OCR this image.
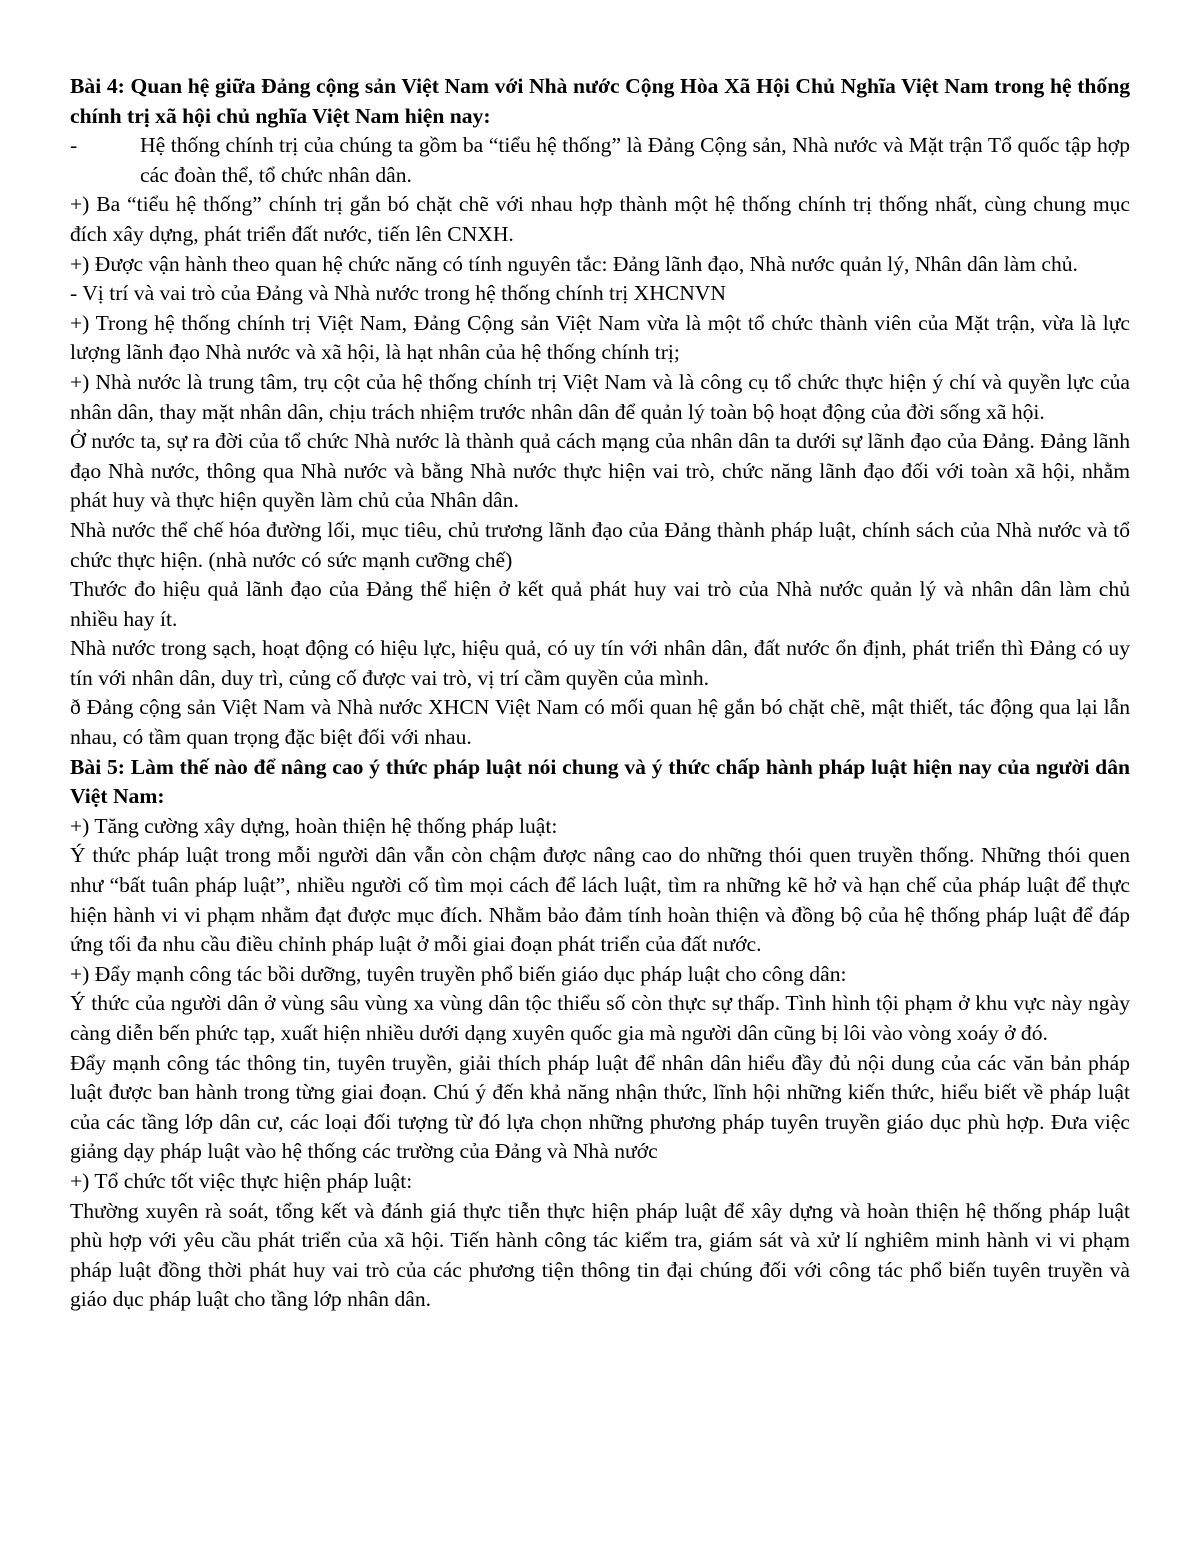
Bài 4: Quan hệ giữa Đảng cộng sản Việt Nam với Nhà nước Cộng Hòa Xã Hội Chủ Nghĩa Việt Nam trong hệ thống chính trị xã hội chủ nghĩa Việt Nam hiện nay:

-	Hệ thống chính trị của chúng ta gồm ba “tiểu hệ thống” là Đảng Cộng sản, Nhà nước và Mặt trận Tổ quốc tập hợp các đoàn thể, tổ chức nhân dân.

+) Ba “tiểu hệ thống” chính trị gắn bó chặt chẽ với nhau hợp thành một hệ thống chính trị thống nhất, cùng chung mục đích xây dựng, phát triển đất nước, tiến lên CNXH.

+) Được vận hành theo quan hệ chức năng có tính nguyên tắc: Đảng lãnh đạo, Nhà nước quản lý, Nhân dân làm chủ.

- Vị trí và vai trò của Đảng và Nhà nước trong hệ thống chính trị XHCNVN

+) Trong hệ thống chính trị Việt Nam, Đảng Cộng sản Việt Nam vừa là một tổ chức thành viên của Mặt trận, vừa là lực lượng lãnh đạo Nhà nước và xã hội, là hạt nhân của hệ thống chính trị;

+) Nhà nước là trung tâm, trụ cột của hệ thống chính trị Việt Nam và là công cụ tổ chức thực hiện ý chí và quyền lực của nhân dân, thay mặt nhân dân, chịu trách nhiệm trước nhân dân để quản lý toàn bộ hoạt động của đời sống xã hội.

Ở nước ta, sự ra đời của tổ chức Nhà nước là thành quả cách mạng của nhân dân ta dưới sự lãnh đạo của Đảng. Đảng lãnh đạo Nhà nước, thông qua Nhà nước và bằng Nhà nước thực hiện vai trò, chức năng lãnh đạo đối với toàn xã hội, nhằm phát huy và thực hiện quyền làm chủ của Nhân dân.

Nhà nước thể chế hóa đường lối, mục tiêu, chủ trương lãnh đạo của Đảng thành pháp luật, chính sách của Nhà nước và tổ chức thực hiện. (nhà nước có sức mạnh cưỡng chế)

Thước đo hiệu quả lãnh đạo của Đảng thể hiện ở kết quả phát huy vai trò của Nhà nước quản lý và nhân dân làm chủ nhiều hay ít.

Nhà nước trong sạch, hoạt động có hiệu lực, hiệu quả, có uy tín với nhân dân, đất nước ổn định, phát triển thì Đảng có uy tín với nhân dân, duy trì, củng cố được vai trò, vị trí cầm quyền của mình.

ð Đảng cộng sản Việt Nam và Nhà nước XHCN Việt Nam có mối quan hệ gắn bó chặt chẽ, mật thiết, tác động qua lại lẫn nhau, có tầm quan trọng đặc biệt đối với nhau.

Bài 5: Làm thế nào để nâng cao ý thức pháp luật nói chung và ý thức chấp hành pháp luật hiện nay của người dân Việt Nam:

+) Tăng cường xây dựng, hoàn thiện hệ thống pháp luật:

Ý thức pháp luật trong mỗi người dân vẫn còn chậm được nâng cao do những thói quen truyền thống. Những thói quen như “bất tuân pháp luật”, nhiều người cố tìm mọi cách để lách luật, tìm ra những kẽ hở và hạn chế của pháp luật để thực hiện hành vi vi phạm nhằm đạt được mục đích. Nhằm bảo đảm tính hoàn thiện và đồng bộ của hệ thống pháp luật để đáp ứng tối đa nhu cầu điều chỉnh pháp luật ở mỗi giai đoạn phát triển của đất nước.

+) Đẩy mạnh công tác bồi dưỡng, tuyên truyền phổ biến giáo dục pháp luật cho công dân:

Ý thức của người dân ở vùng sâu vùng xa vùng dân tộc thiểu số còn thực sự thấp. Tình hình tội phạm ở khu vực này ngày càng diễn bến phức tạp, xuất hiện nhiều dưới dạng xuyên quốc gia mà người dân cũng bị lôi vào vòng xoáy ở đó.

Đẩy mạnh công tác thông tin, tuyên truyền, giải thích pháp luật để nhân dân hiểu đầy đủ nội dung của các văn bản pháp luật được ban hành trong từng giai đoạn. Chú ý đến khả năng nhận thức, lĩnh hội những kiến thức, hiểu biết về pháp luật của các tầng lớp dân cư, các loại đối tượng từ đó lựa chọn những phương pháp tuyên truyền giáo dục phù hợp. Đưa việc giảng dạy pháp luật vào hệ thống các trường của Đảng và Nhà nước

+) Tổ chức tốt việc thực hiện pháp luật:

Thường xuyên rà soát, tổng kết và đánh giá thực tiễn thực hiện pháp luật để xây dựng và hoàn thiện hệ thống pháp luật phù hợp với yêu cầu phát triển của xã hội. Tiến hành công tác kiểm tra, giám sát và xử lí nghiêm minh hành vi vi phạm pháp luật đồng thời phát huy vai trò của các phương tiện thông tin đại chúng đối với công tác phổ biến tuyên truyền và giáo dục pháp luật cho tầng lớp nhân dân.
